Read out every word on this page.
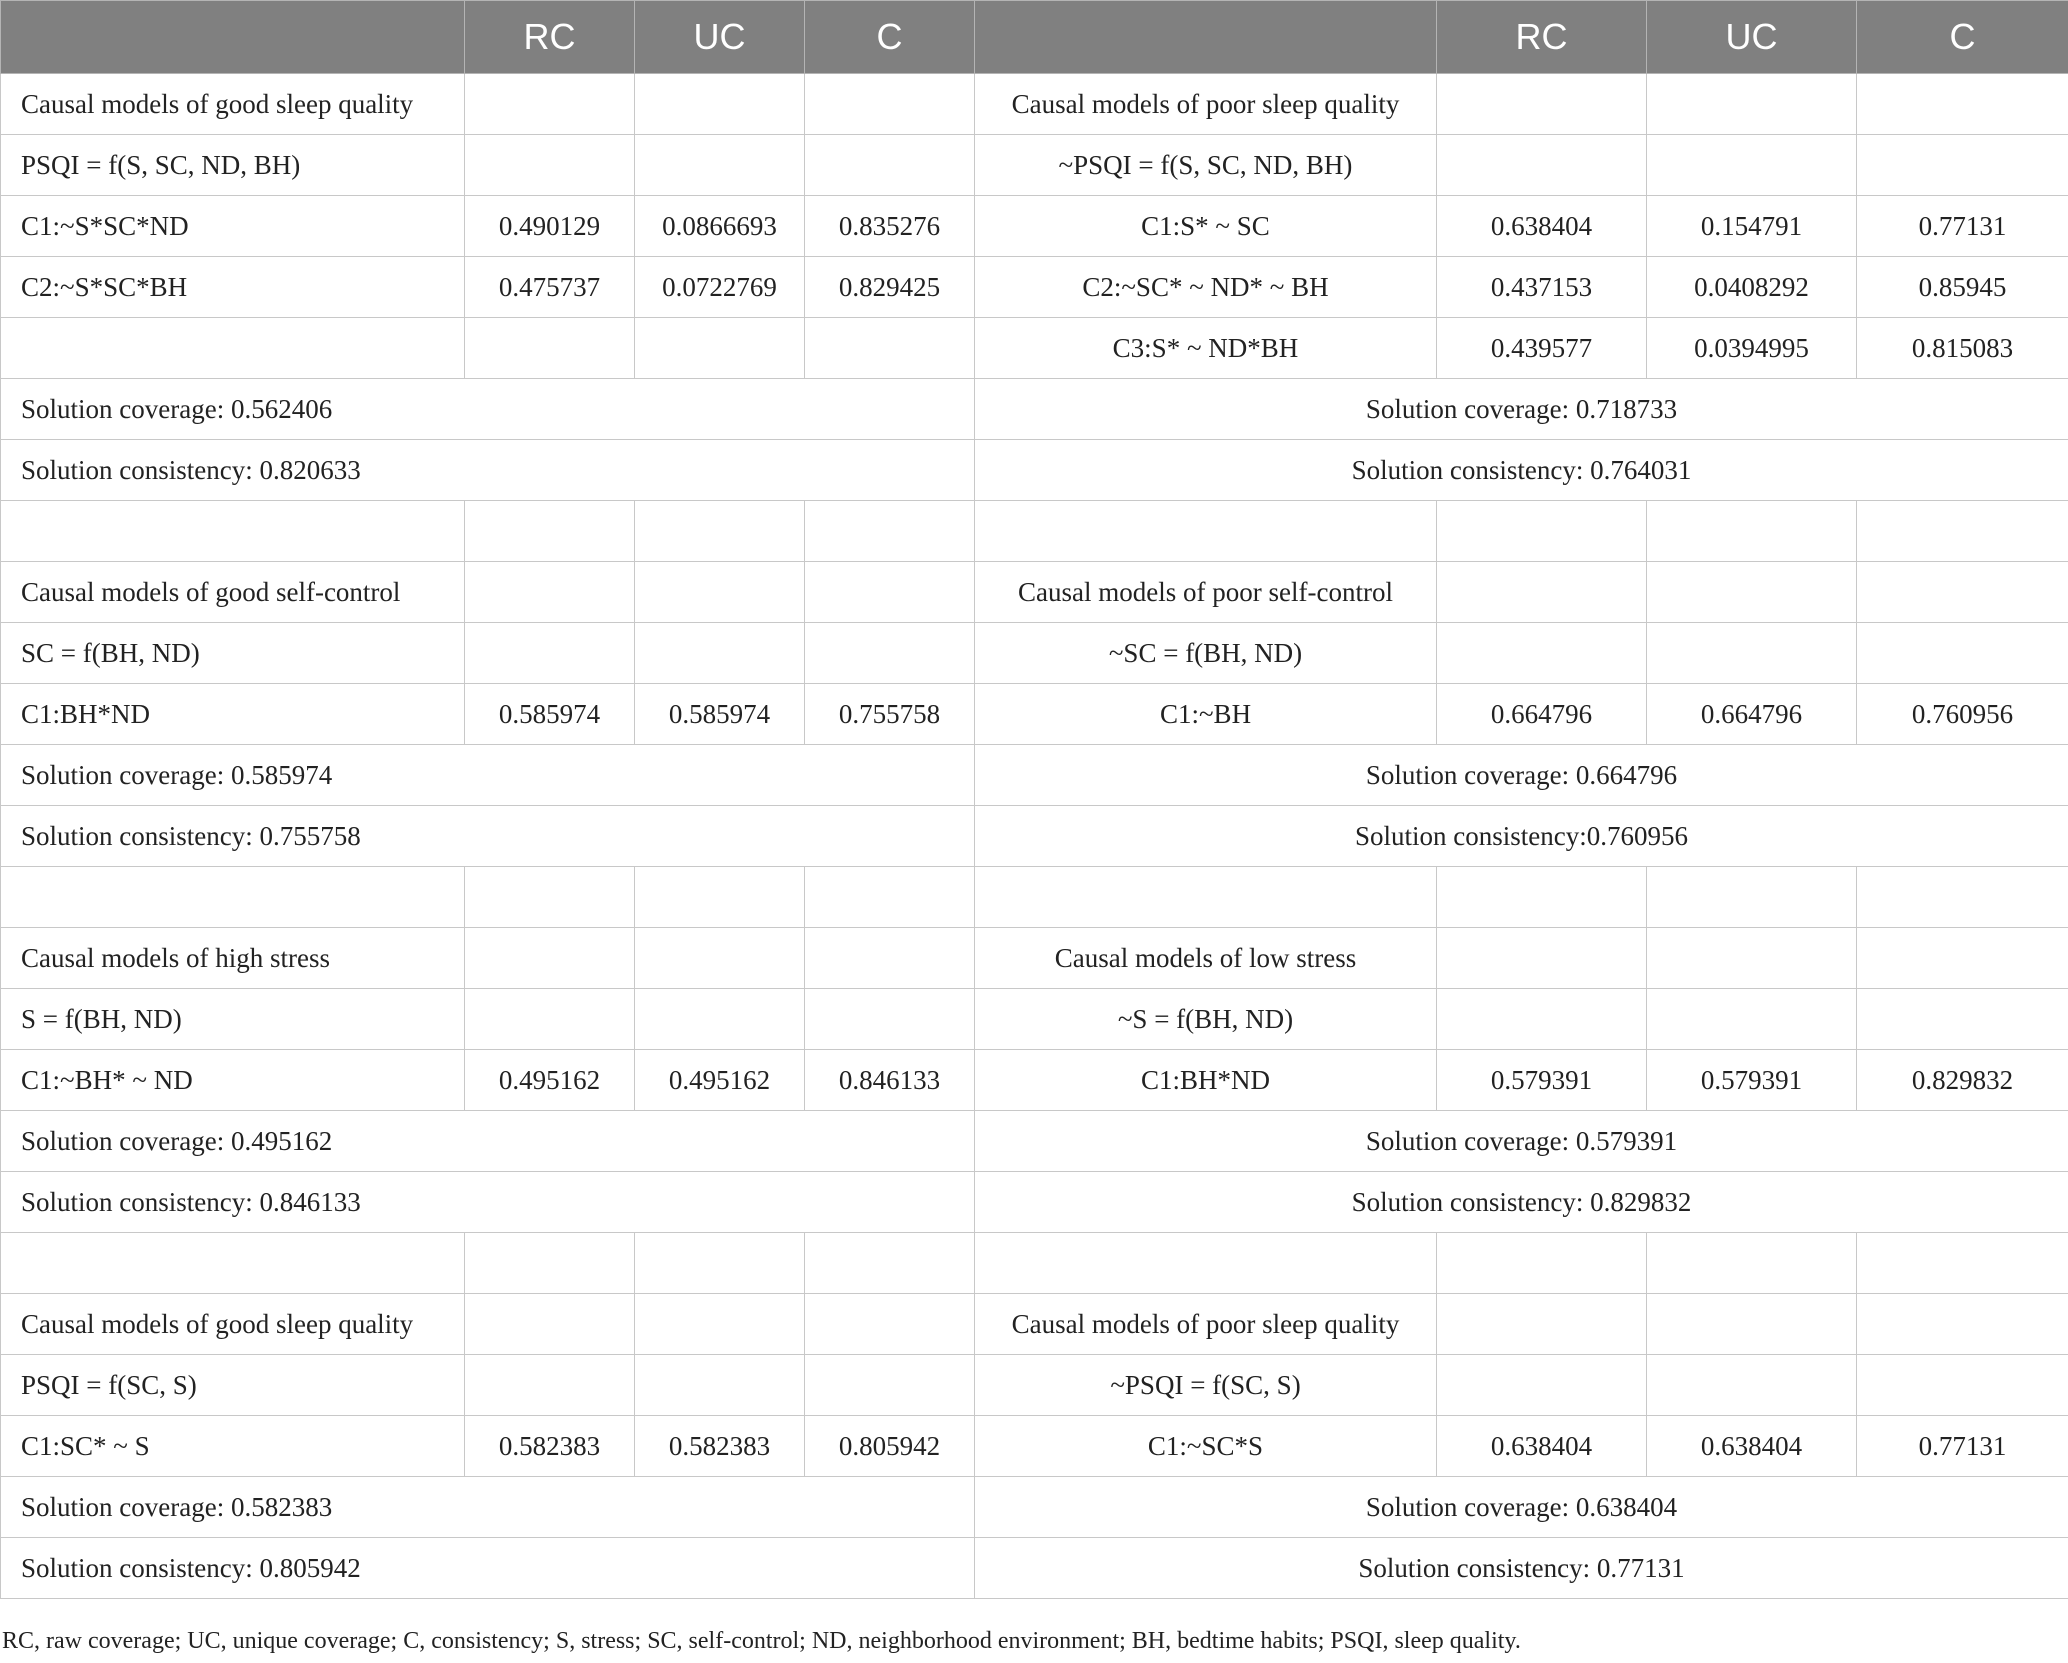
	RC	UC	C		RC	UC	C
Causal models of good sleep quality				Causal models of poor sleep quality			
PSQI = f(S, SC, ND, BH)				~PSQI = f(S, SC, ND, BH)			
C1:~S*SC*ND	0.490129	0.0866693	0.835276	C1:S* ~ SC	0.638404	0.154791	0.77131
C2:~S*SC*BH	0.475737	0.0722769	0.829425	C2:~SC* ~ ND* ~ BH	0.437153	0.0408292	0.85945
				C3:S* ~ ND*BH	0.439577	0.0394995	0.815083
Solution coverage: 0.562406				Solution coverage: 0.718733			
Solution consistency: 0.820633				Solution consistency: 0.764031			

Causal models of good self-control				Causal models of poor self-control			
SC = f(BH, ND)				~SC = f(BH, ND)			
C1:BH*ND	0.585974	0.585974	0.755758	C1:~BH	0.664796	0.664796	0.760956
Solution coverage: 0.585974				Solution coverage: 0.664796			
Solution consistency: 0.755758				Solution consistency:0.760956			

Causal models of high stress				Causal models of low stress			
S = f(BH, ND)				~S = f(BH, ND)			
C1:~BH* ~ ND	0.495162	0.495162	0.846133	C1:BH*ND	0.579391	0.579391	0.829832
Solution coverage: 0.495162				Solution coverage: 0.579391			
Solution consistency: 0.846133				Solution consistency: 0.829832			

Causal models of good sleep quality				Causal models of poor sleep quality			
PSQI = f(SC, S)				~PSQI = f(SC, S)			
C1:SC* ~ S	0.582383	0.582383	0.805942	C1:~SC*S	0.638404	0.638404	0.77131
Solution coverage: 0.582383				Solution coverage: 0.638404			
Solution consistency: 0.805942				Solution consistency: 0.77131			
RC, raw coverage; UC, unique coverage; C, consistency; S, stress; SC, self-control; ND, neighborhood environment; BH, bedtime habits; PSQI, sleep quality.
